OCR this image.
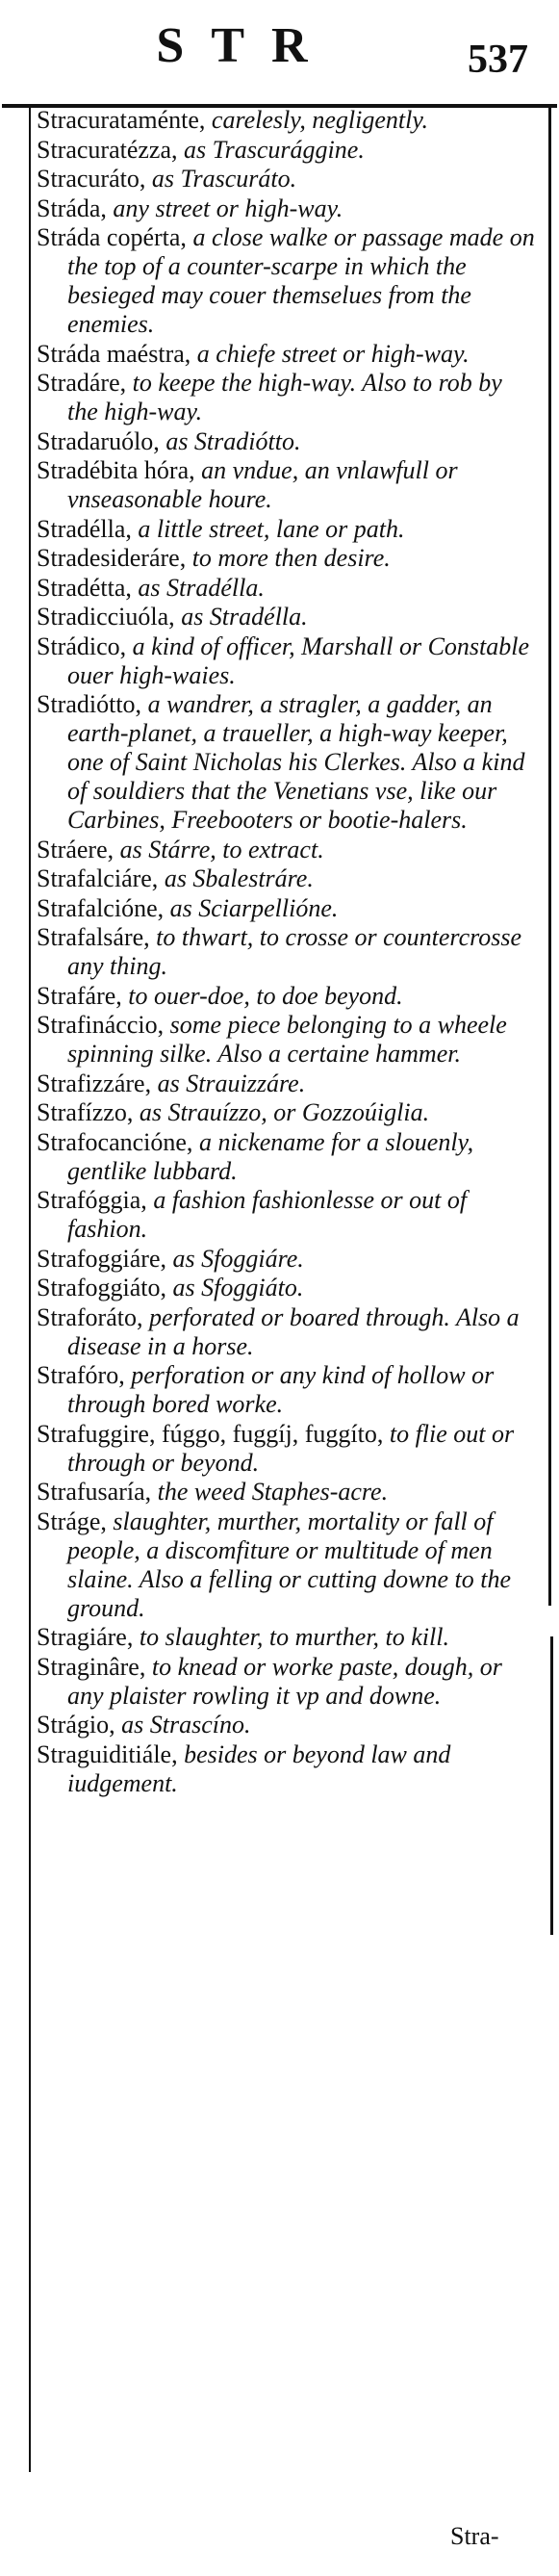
STR	537
Stracurataménte, carelesly, negligently.
Stracuratézza, as Trascurággine.
Stracuráto, as Trascuráto.
Stráda, any street or high-way.
Stráda copérta, a close walke or passage made on the top of a counter-scarpe in which the besieged may couer themselues from the enemies.
Stráda maéstra, a chiefe street or high-way.
Stradáre, to keepe the high-way. Also to rob by the high-way.
Stradaruólo, as Stradiótto.
Stradébita hóra, an vndue, an vnlawfull or vnseasonable houre.
Stradélla, a little street, lane or path.
Stradesideráre, to more then desire.
Stradétta, as Stradélla.
Stradicciuóla, as Stradélla.
Strádico, a kind of officer, Marshall or Constable ouer high-waies.
Stradiótto, a wandrer, a stragler, a gadder, an earth-planet, a traueller, a high-way keeper, one of Saint Nicholas his Clerkes. Also a kind of souldiers that the Venetians vse, like our Carbines, Freebooters or bootie-halers.
Stráere, as Stárre, to extract.
Strafalciáre, as Sbalestráre.
Strafalcióne, as Sciarpellióne.
Strafalsáre, to thwart, to crosse or countercrosse any thing.
Strafáre, to ouer-doe, to doe beyond.
Strafináccio, some piece belonging to a wheele spinning silke. Also a certaine hammer.
Strafizzáre, as Strauizzáre.
Strafízzo, as Strauízzo, or Gozzoúiglia.
Strafocancióne, a nickename for a slouenly, gentlike lubbard.
Strafóggia, a fashion fashionlesse or out of fashion.
Strafoggiáre, as Sfoggiáre.
Strafoggiáto, as Sfoggiáto.
Straforáto, perforated or boared through. Also a disease in a horse.
Strafóro, perforation or any kind of hollow or through bored worke.
Strafuggire, fúggo, fuggíj, fuggíto, to flie out or through or beyond.
Strafusaría, the weed Staphes-acre.
Stráge, slaughter, murther, mortality or fall of people, a discomfiture or multitude of men slaine. Also a felling or cutting downe to the ground.
Stragiáre, to slaughter, to murther, to kill.
Straginâre, to knead or worke paste, dough, or any plaister rowling it vp and downe.
Strágio, as Strascíno.
Straguiditiále, besides or beyond law and iudgement.
Stra-
